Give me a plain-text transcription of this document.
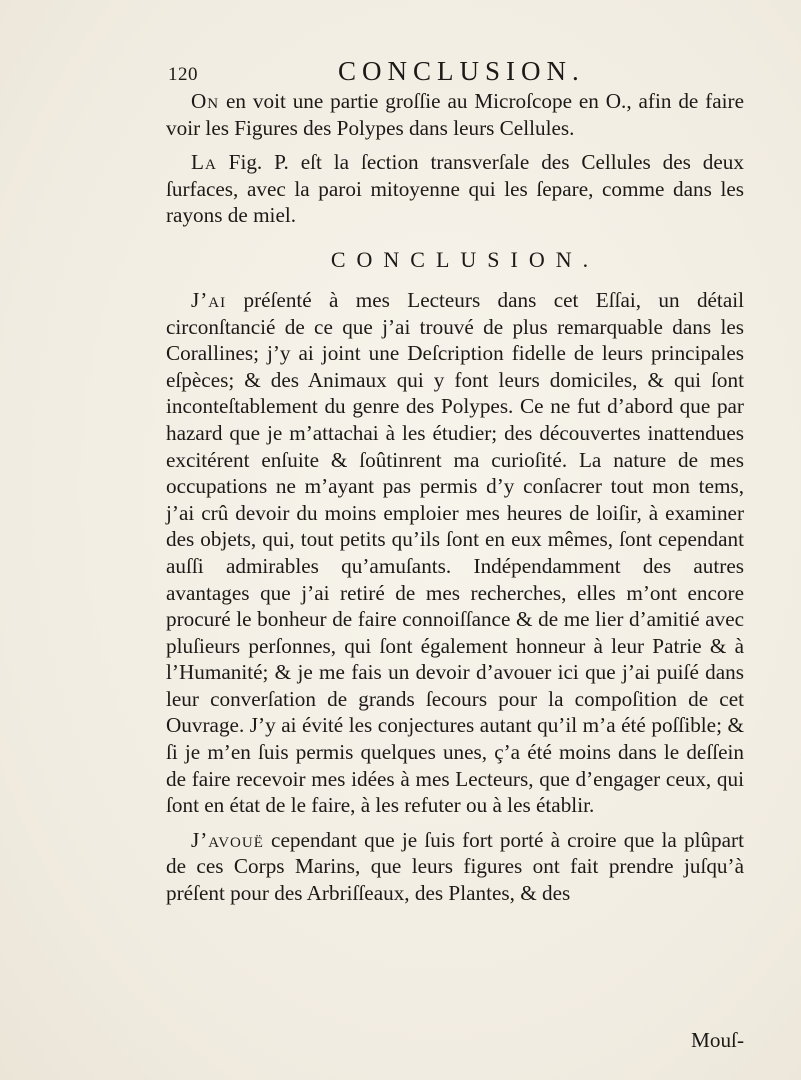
120	CONCLUSION.

On en voit une partie groſſie au Microſcope en O., afin de faire voir les Figures des Polypes dans leurs Cellules.

La Fig. P. eſt la ſection transverſale des Cellules des deux ſurfaces, avec la paroi mitoyenne qui les ſepare, comme dans les rayons de miel.

CONCLUSION.

J’ai préſenté à mes Lecteurs dans cet Eſſai, un détail circonſtancié de ce que j’ai trouvé de plus remarquable dans les Corallines; j’y ai joint une Deſcription fidelle de leurs principales eſpèces; & des Animaux qui y font leurs domiciles, & qui ſont inconteſtablement du genre des Polypes. Ce ne fut d’abord que par hazard que je m’attachai à les étudier; des découvertes inattendues excitérent enſuite & ſoûtinrent ma curioſité. La nature de mes occupations ne m’ayant pas permis d’y conſacrer tout mon tems, j’ai crû devoir du moins emploier mes heures de loiſir, à examiner des objets, qui, tout petits qu’ils ſont en eux mêmes, ſont cependant auſſi admirables qu’amuſants. Indépendamment des autres avantages que j’ai retiré de mes recherches, elles m’ont encore procuré le bonheur de faire connoiſſance & de me lier d’amitié avec pluſieurs perſonnes, qui ſont également honneur à leur Patrie & à l’Humanité; & je me fais un devoir d’avouer ici que j’ai puiſé dans leur converſation de grands ſecours pour la compoſition de cet Ouvrage. J’y ai évité les conjectures autant qu’il m’a été poſſible; & ſi je m’en ſuis permis quelques unes, ç’a été moins dans le deſſein de faire recevoir mes idées à mes Lecteurs, que d’engager ceux, qui ſont en état de le faire, à les refuter ou à les établir.

J’avouë cependant que je ſuis fort porté à croire que la plûpart de ces Corps Marins, que leurs figures ont fait prendre juſqu’à préſent pour des Arbriſſeaux, des Plantes, & des

Mouſ-
